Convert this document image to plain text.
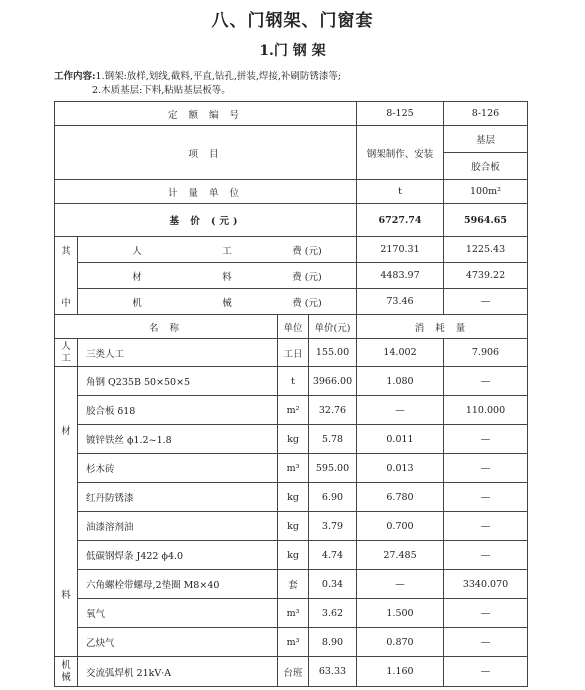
八、门钢架、门窗套
1.门 钢 架
工作内容:1.钢架:放样,划线,截料,平直,钻孔,拼装,焊接,补刷防锈漆等;
2.木质基层:下料,粘贴基层板等。
定 额 编 号				8-125	8-126
项 目				钢架制作、安装	基层
					胶合板
计 量 单 位				t	100m²
基 价 (元)				6727.74	5964.65

其
中	人 工 费 (元)			2170.31	1225.43
	材 料 费 (元)			4483.97	4739.22
	机 械 费 (元)			73.46	—
名 称		单位	单价(元)	消 耗 量	
人工	三类人工	工日	155.00	14.002	7.906

材
料	角钢 Q235B 50×50×5	t	3966.00	1.080	—
	胶合板 δ18	m²	32.76	—	110.000
	镀锌铁丝 ϕ1.2~1.8	kg	5.78	0.011	—
	杉木砖	m³	595.00	0.013	—
	红丹防锈漆	kg	6.90	6.780	—
	油漆溶剂油	kg	3.79	0.700	—
	低碳钢焊条 J422 ϕ4.0	kg	4.74	27.485	—
	六角螺栓带螺母,2垫圈 M8×40	套	0.34	—	3340.070
	氧气	m³	3.62	1.500	—
	乙炔气	m³	8.90	0.870	—
机械	交流弧焊机 21kV·A	台班	63.33	1.160	—
